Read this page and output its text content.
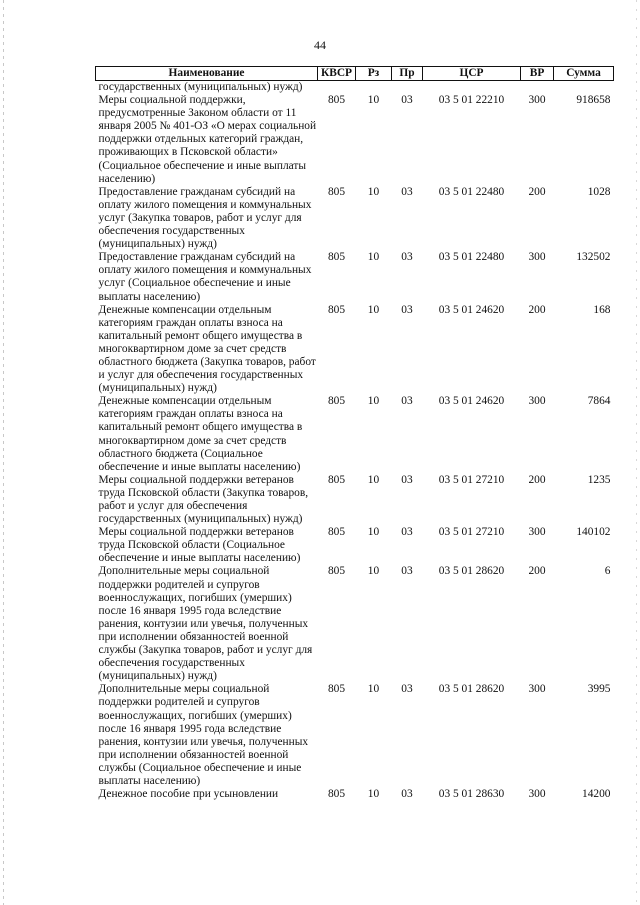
44
Наименование	КВСР	Рз	Пр	ЦСР	ВР	Сумма
государственных (муниципальных) нужд)						
Меры социальной поддержки, предусмотренные Законом области от 11 января 2005 № 401-ОЗ «О мерах социальной поддержки отдельных категорий граждан, проживающих в Псковской области» (Социальное обеспечение и иные выплаты населению)	805	10	03	03 5 01 22210	300	918658
Предоставление гражданам субсидий на оплату жилого помещения и коммунальных услуг (Закупка товаров, работ и услуг для обеспечения государственных (муниципальных) нужд)	805	10	03	03 5 01 22480	200	1028
Предоставление гражданам субсидий на оплату жилого помещения и коммунальных услуг (Социальное обеспечение и иные выплаты населению)	805	10	03	03 5 01 22480	300	132502
Денежные компенсации отдельным категориям граждан оплаты взноса на капитальный ремонт общего имущества в многоквартирном доме за счет средств областного бюджета (Закупка товаров, работ и услуг для обеспечения государственных (муниципальных) нужд)	805	10	03	03 5 01 24620	200	168
Денежные компенсации отдельным категориям граждан оплаты взноса на капитальный ремонт общего имущества в многоквартирном доме за счет средств областного бюджета (Социальное обеспечение и иные выплаты населению)	805	10	03	03 5 01 24620	300	7864
Меры социальной поддержки ветеранов труда Псковской области (Закупка товаров, работ и услуг для обеспечения государственных (муниципальных) нужд)	805	10	03	03 5 01 27210	200	1235
Меры социальной поддержки ветеранов труда Псковской области (Социальное обеспечение и иные выплаты населению)	805	10	03	03 5 01 27210	300	140102
Дополнительные меры социальной поддержки родителей и супругов военнослужащих, погибших (умерших) после 16 января 1995 года вследствие ранения, контузии или увечья, полученных при исполнении обязанностей военной службы (Закупка товаров, работ и услуг для обеспечения государственных (муниципальных) нужд)	805	10	03	03 5 01 28620	200	6
Дополнительные меры социальной поддержки родителей и супругов военнослужащих, погибших (умерших) после 16 января 1995 года вследствие ранения, контузии или увечья, полученных при исполнении обязанностей военной службы (Социальное обеспечение и иные выплаты населению)	805	10	03	03 5 01 28620	300	3995
Денежное пособие при усыновлении	805	10	03	03 5 01 28630	300	14200
